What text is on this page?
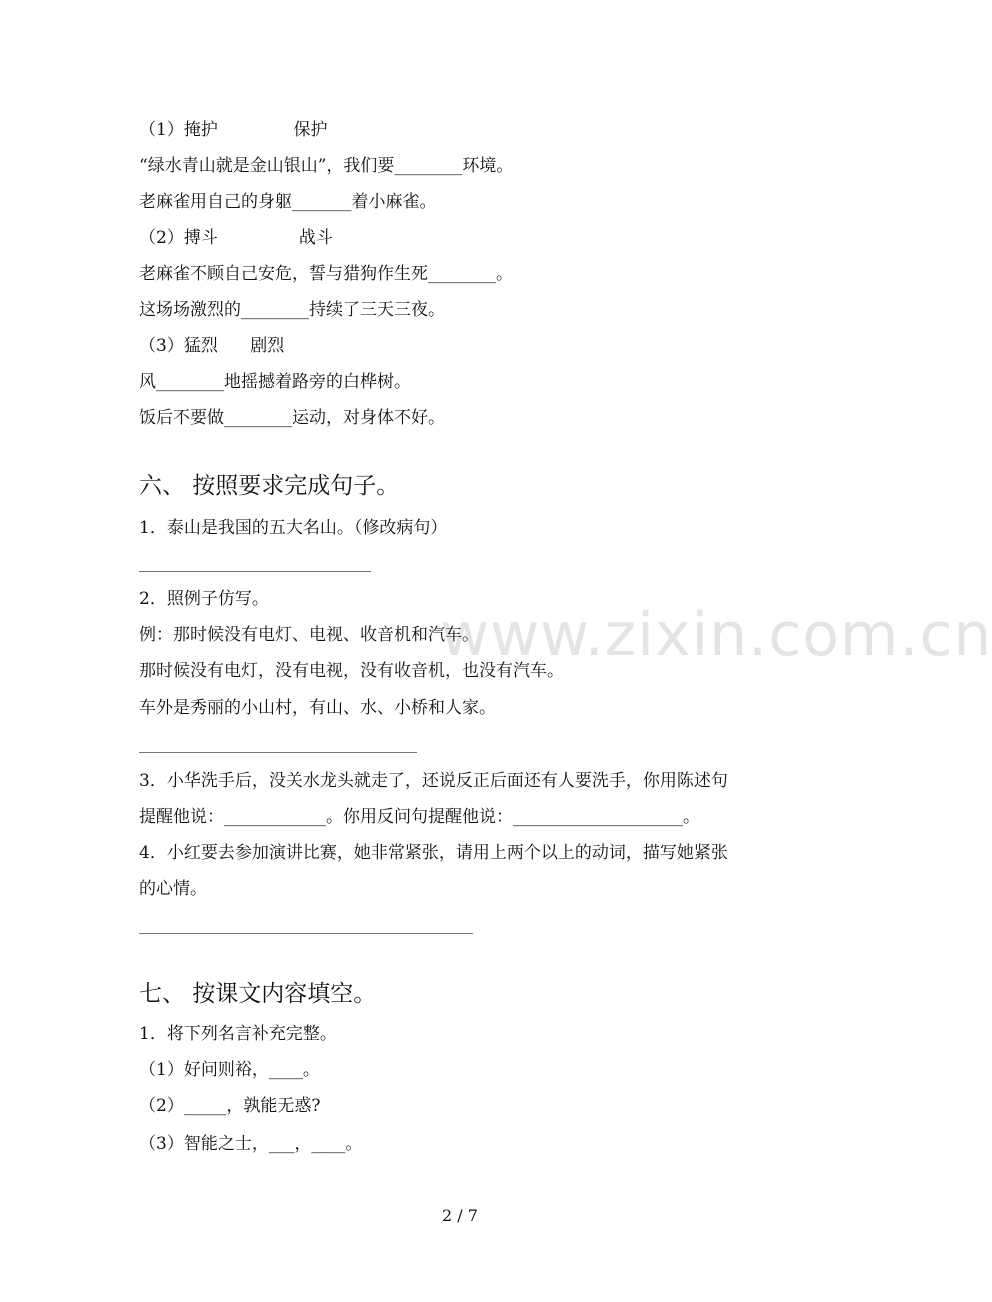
www.zixin.com.cn
（1）掩护              保护
“绿水青山就是金山银山”，我们要________环境。
老麻雀用自己的身躯_______着小麻雀。
（2）搏斗               战斗
老麻雀不顾自己安危，誓与猎狗作生死________。
这场场激烈的________持续了三天三夜。
（3）猛烈      剧烈
风________地摇撼着路旁的白桦树。
饭后不要做________运动，对身体不好。
六、 按照要求完成句子。
1．泰山是我国的五大名山。（修改病句）
2．照例子仿写。
例：那时候没有电灯、电视、收音机和汽车。
那时候没有电灯，没有电视，没有收音机，也没有汽车。
车外是秀丽的小山村，有山、水、小桥和人家。
3．小华洗手后，没关水龙头就走了，还说反正后面还有人要洗手，你用陈述句
提醒他说：____________。你用反问句提醒他说：____________________。
4．小红要去参加演讲比赛，她非常紧张，请用上两个以上的动词，描写她紧张
的心情。
七、 按课文内容填空。
1．将下列名言补充完整。
（1）好问则裕，____。
（2）_____，孰能无惑?
（3）智能之士，___，____。
2 / 7
